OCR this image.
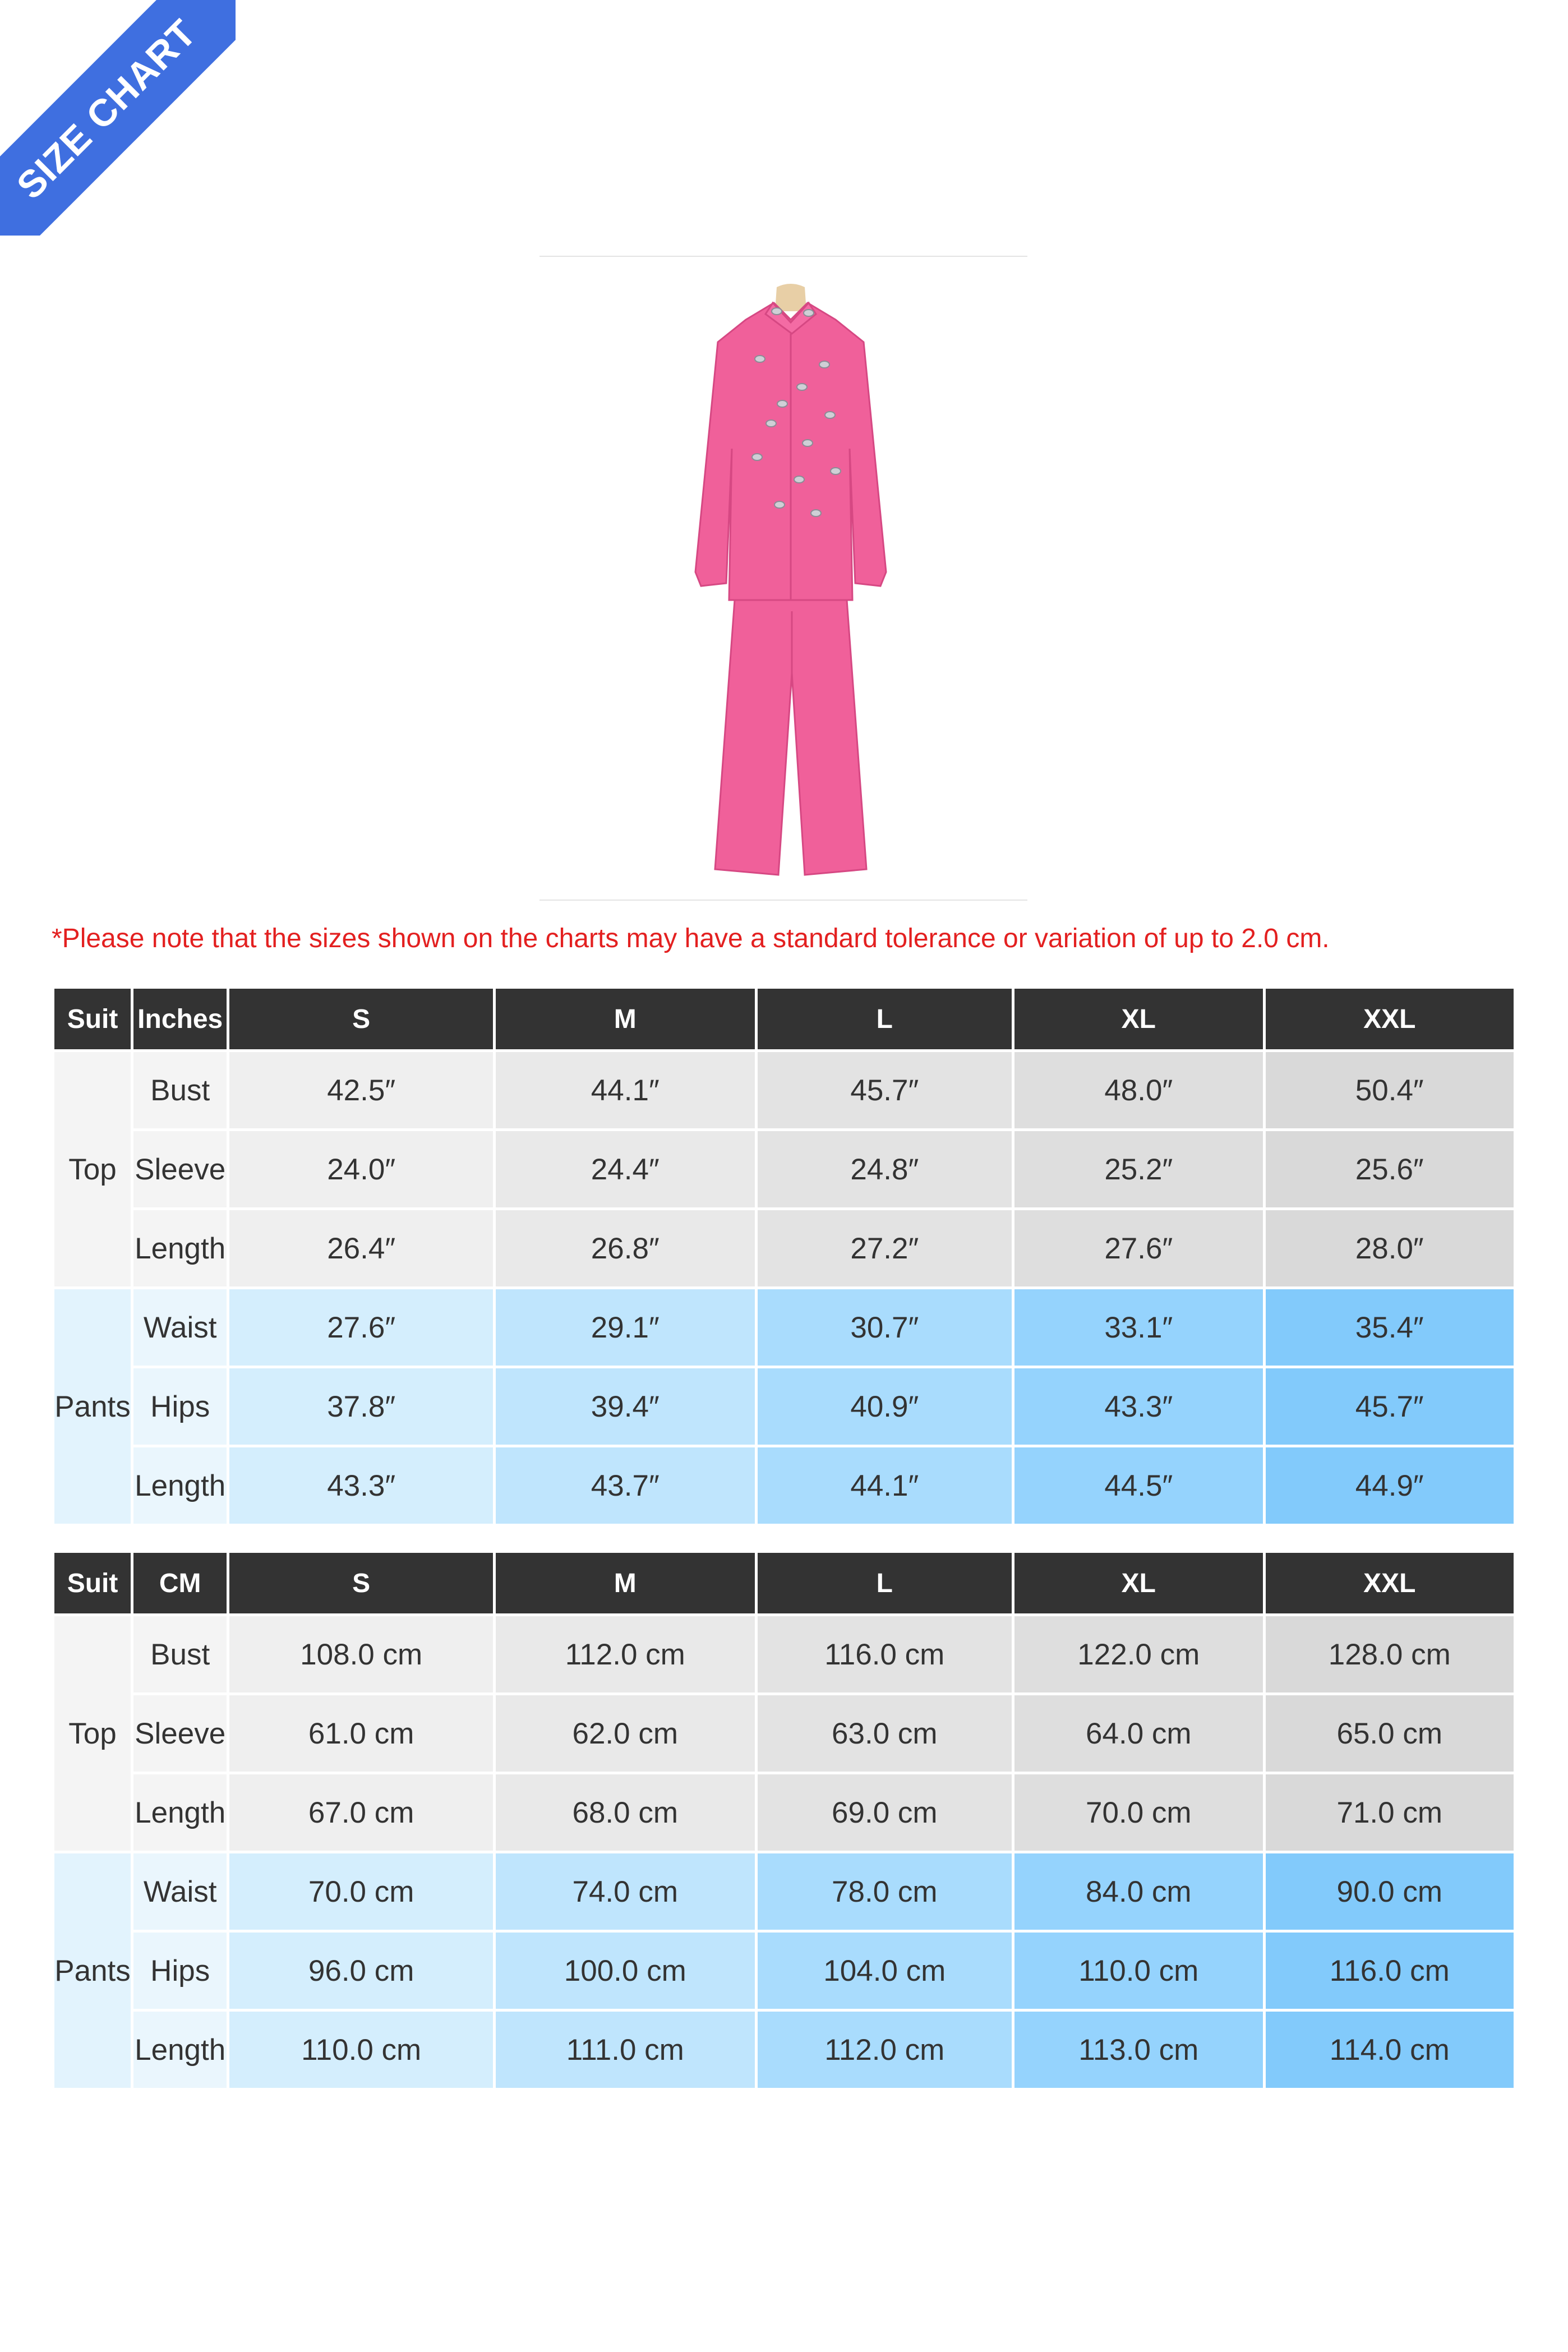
SIZE CHART
*Please note that the sizes shown on the charts may have a standard tolerance or variation of up to 2.0 cm.
Suit	Inches	S	M	L	XL	XXL
Top	Bust	42.5″	44.1″	45.7″	48.0″	50.4″
	Sleeve	24.0″	24.4″	24.8″	25.2″	25.6″
	Length	26.4″	26.8″	27.2″	27.6″	28.0″
Pants	Waist	27.6″	29.1″	30.7″	33.1″	35.4″
	Hips	37.8″	39.4″	40.9″	43.3″	45.7″
	Length	43.3″	43.7″	44.1″	44.5″	44.9″
Suit	CM	S	M	L	XL	XXL
Top	Bust	108.0 cm	112.0 cm	116.0 cm	122.0 cm	128.0 cm
	Sleeve	61.0 cm	62.0 cm	63.0 cm	64.0 cm	65.0 cm
	Length	67.0 cm	68.0 cm	69.0 cm	70.0 cm	71.0 cm
Pants	Waist	70.0 cm	74.0 cm	78.0 cm	84.0 cm	90.0 cm
	Hips	96.0 cm	100.0 cm	104.0 cm	110.0 cm	116.0 cm
	Length	110.0 cm	111.0 cm	112.0 cm	113.0 cm	114.0 cm
